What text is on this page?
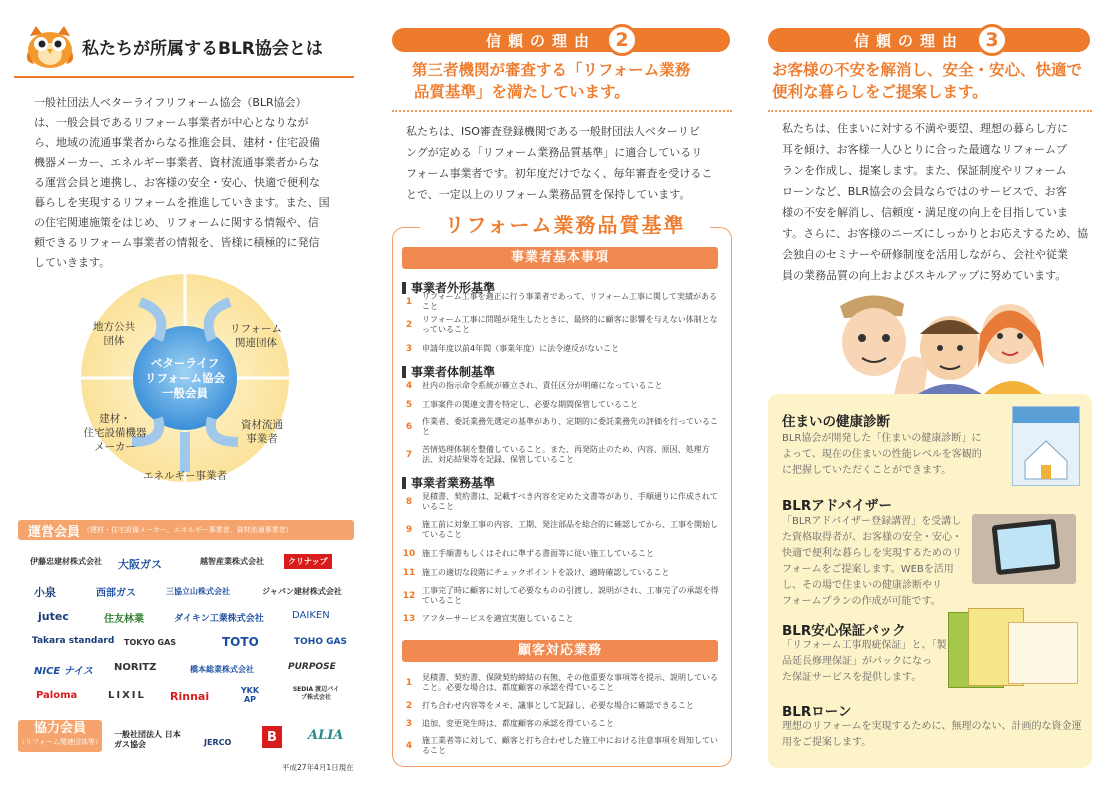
私たちが所属するBLR協会とは
一般社団法人ベターライフリフォーム協会（BLR協会）
は、一般会員であるリフォーム事業者が中心となりなが
ら、地域の流通事業者からなる推進会員、建材・住宅設備
機器メーカー、エネルギー事業者、資材流通事業者からな
る運営会員と連携し、お客様の安全・安心、快適で便利な
暮らしを実現するリフォームを推進していきます。また、国
の住宅関連施策をはじめ、リフォームに関する情報や、信
頼できるリフォーム事業者の情報を、皆様に積極的に発信
していきます。
ベターライフ
リフォーム協会
一般会員
地方公共
団体
リフォーム
関連団体
建材・
住宅設備機器
メーカー
資材流通
事業者
エネルギー事業者
運営会員 （建材・住宅設備メーカー、エネルギー事業者、資材流通事業者）
伊藤忠建材株式会社 大阪ガス	越智産業株式会社	クリナップ
小泉	西部ガス	三協立山株式会社	ジャパン建材株式会社
jutec	住友林業	ダイキン工業株式会社	DAIKEN
Takara standard TOKYO GAS	TOTO	TOHO GAS
NICE ナイス NORITZ	橋本総業株式会社	PURPOSE
Paloma	LIXIL Rinnai	YKK AP
SEDIA 渡辺パイプ株式会社
協力会員
（リフォーム関連団体等）
一般社団法人 日本ガス協会	JERCO	B	ALIA
平成27年4月1日現在
信頼の理由	2
第三者機関が審査する「リフォーム業務
品質基準」を満たしています。
私たちは、ISO審査登録機関である一般財団法人ベターリビ
ングが定める「リフォーム業務品質基準」に適合しているリ
フォーム事業者です。初年度だけでなく、毎年審査を受けるこ
とで、一定以上のリフォーム業務品質を保持しています。
リフォーム業務品質基準
事業者基本事項
事業者外形基準
1
リフォーム工事を適正に行う事業者であって、リフォーム工事に関して実績があること
2
リフォーム工事に問題が発生したときに、最終的に顧客に影響を与えない体制となっていること
3	申請年度以前4年間（事業年度）に法令違反がないこと
事業者体制基準
4	社内の指示命令系統が確立され、責任区分が明確になっていること
5	工事案件の関連文書を特定し、必要な期間保管していること
6
作業者、委託業務先選定の基準があり、定期的に委託業務先の評価を行っていること
7
苦情処理体制を整備していること。また、再発防止のため、内容、原因、処理方法、対応結果等を記録、保管していること
事業者業務基準
8
見積書、契約書は、記載すべき内容を定めた文書等があり、手順通りに作成されていること
9
施工前に対象工事の内容、工期、発注部品を総合的に確認してから、工事を開始していること
10 施工手順書もしくはそれに準ずる書面等に従い施工していること
11 施工の適切な段階にチェックポイントを設け、適時確認していること
12
工事完了時に顧客に対して必要なものの引渡し、説明がされ、工事完了の承認を得ていること
13 アフターサービスを適宜実施していること
顧客対応業務
1
見積書、契約書、保険契約締結の有無、その他重要な事項等を提示、説明していること。必要な場合は、都度顧客の承認を得ていること
2	打ち合わせ内容等をメモ、議事として記録し、必要な場合に確認できること
3	追加、変更発生時は、都度顧客の承認を得ていること
4
施工業者等に対して、顧客と打ち合わせした施工中における注意事項を周知していること
信頼の理由	3
お客様の不安を解消し、安全・安心、快適で
便利な暮らしをご提案します。
私たちは、住まいに対する不満や要望、理想の暮らし方に
耳を傾け、お客様一人ひとりに合った最適なリフォームプ
ランを作成し、提案します。また、保証制度やリフォーム
ローンなど、BLR協会の会員ならではのサービスで、お客
様の不安を解消し、信頼度・満足度の向上を目指していま
す。さらに、お客様のニーズにしっかりとお応えするため、協
会独自のセミナーや研修制度を活用しながら、会社や従業
員の業務品質の向上およびスキルアップに努めています。
住まいの健康診断
BLR協会が開発した「住まいの健康診断」に
よって、現在の住まいの性能レベルを客観的
に把握していただくことができます。
BLRアドバイザー
「BLRアドバイザー登録講習」を受講し
た資格取得者が、お客様の安全・安心・
快適で便利な暮らしを実現するためのリ
フォームをご提案します。WEBを活用
し、その場で住まいの健康診断やリ
フォームプランの作成が可能です。
BLR安心保証パック
「リフォーム工事瑕疵保証」と、「製
品延長修理保証」がパックになっ
た保証サービスを提供します。
BLRローン
理想のリフォームを実現するために、無理のない、計画的な資金運
用をご提案します。
